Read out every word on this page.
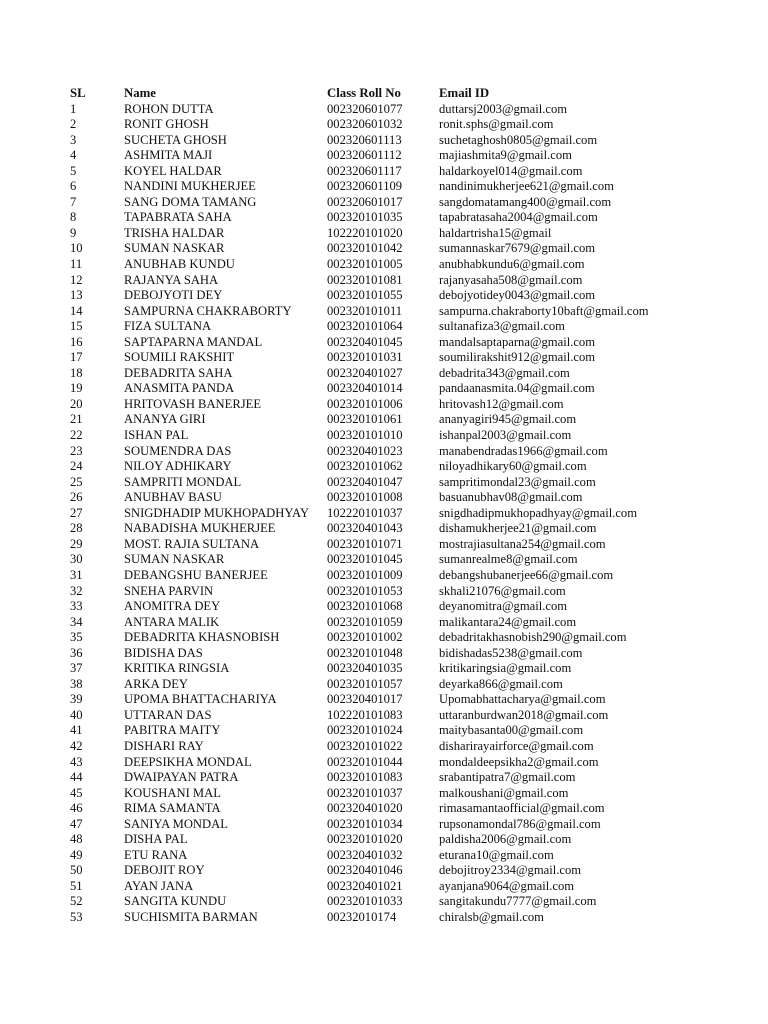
SL	Name	Class Roll No	Email ID
1	ROHON DUTTA	002320601077	duttarsj2003@gmail.com
2	RONIT GHOSH	002320601032	ronit.sphs@gmail.com
3	SUCHETA GHOSH	002320601113	suchetaghosh0805@gmail.com
4	ASHMITA MAJI	002320601112	majiashmita9@gmail.com
5	KOYEL HALDAR	002320601117	haldarkoyel014@gmail.com
6	NANDINI MUKHERJEE	002320601109	nandinimukherjee621@gmail.com
7	SANG DOMA TAMANG	002320601017	sangdomatamang400@gmail.com
8	TAPABRATA SAHA	002320101035	tapabratasaha2004@gmail.com
9	TRISHA HALDAR	102220101020	haldartrisha15@gmail
10	SUMAN NASKAR	002320101042	sumannaskar7679@gmail.com
11	ANUBHAB KUNDU	002320101005	anubhabkundu6@gmail.com
12	RAJANYA SAHA	002320101081	rajanyasaha508@gmail.com
13	DEBOJYOTI DEY	002320101055	debojyotidey0043@gmail.com
14	SAMPURNA CHAKRABORTY	002320101011	sampurna.chakraborty10baft@gmail.com
15	FIZA SULTANA	002320101064	sultanafiza3@gmail.com
16	SAPTAPARNA MANDAL	002320401045	mandalsaptaparna@gmail.com
17	SOUMILI RAKSHIT	002320101031	soumilirakshit912@gmail.com
18	DEBADRITA SAHA	002320401027	debadrita343@gmail.com
19	ANASMITA PANDA	002320401014	pandaanasmita.04@gmail.com
20	HRITOVASH BANERJEE	002320101006	hritovash12@gmail.com
21	ANANYA GIRI	002320101061	ananyagiri945@gmail.com
22	ISHAN PAL	002320101010	ishanpal2003@gmail.com
23	SOUMENDRA DAS	002320401023	manabendradas1966@gmail.com
24	NILOY ADHIKARY	002320101062	niloyadhikary60@gmail.com
25	SAMPRITI MONDAL	002320401047	sampritimondal23@gmail.com
26	ANUBHAV BASU	002320101008	basuanubhav08@gmail.com
27	SNIGDHADIP MUKHOPADHYAY	102220101037	snigdhadipmukhopadhyay@gmail.com
28	NABADISHA MUKHERJEE	002320401043	dishamukherjee21@gmail.com
29	MOST. RAJIA SULTANA	002320101071	mostrajiasultana254@gmail.com
30	SUMAN NASKAR	002320101045	sumanrealme8@gmail.com
31	DEBANGSHU BANERJEE	002320101009	debangshubanerjee66@gmail.com
32	SNEHA PARVIN	002320101053	skhali21076@gmail.com
33	ANOMITRA DEY	002320101068	deyanomitra@gmail.com
34	ANTARA MALIK	002320101059	malikantara24@gmail.com
35	DEBADRITA KHASNOBISH	002320101002	debadritakhasnobish290@gmail.com
36	BIDISHA DAS	002320101048	bidishadas5238@gmail.com
37	KRITIKA RINGSIA	002320401035	kritikaringsia@gmail.com
38	ARKA DEY	002320101057	deyarka866@gmail.com
39	UPOMA BHATTACHARIYA	002320401017	Upomabhattacharya@gmail.com
40	UTTARAN DAS	102220101083	uttaranburdwan2018@gmail.com
41	PABITRA MAITY	002320101024	maitybasanta00@gmail.com
42	DISHARI RAY	002320101022	disharirayairforce@gmail.com
43	DEEPSIKHA MONDAL	002320101044	mondaldeepsikha2@gmail.com
44	DWAIPAYAN PATRA	002320101083	srabantipatra7@gmail.com
45	KOUSHANI MAL	002320101037	malkoushani@gmail.com
46	RIMA SAMANTA	002320401020	rimasamantaofficial@gmail.com
47	SANIYA MONDAL	002320101034	rupsonamondal786@gmail.com
48	DISHA PAL	002320101020	paldisha2006@gmail.com
49	ETU RANA	002320401032	eturana10@gmail.com
50	DEBOJIT ROY	002320401046	debojitroy2334@gmail.com
51	AYAN JANA	002320401021	ayanjana9064@gmail.com
52	SANGITA KUNDU	002320101033	sangitakundu7777@gmail.com
53	SUCHISMITA BARMAN	00232010174	chiralsb@gmail.com
